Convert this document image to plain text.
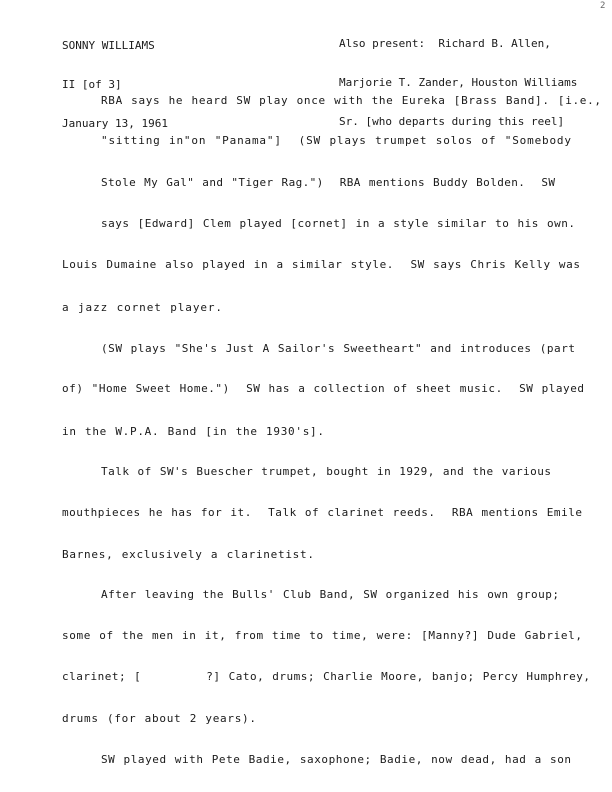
SONNY WILLIAMS

II [of 3]

January 13, 1961

Also present:  Richard B. Allen,

Marjorie T. Zander, Houston Williams

Sr. [who departs during this reel]

2
RBA says he heard SW play once with the Eureka [Brass Band]. [i.e.,
"sitting in"on "Panama"]  (SW plays trumpet solos of "Somebody
Stole My Gal" and "Tiger Rag.")  RBA mentions Buddy Bolden.  SW
says [Edward] Clem played [cornet] in a style similar to his own.
Louis Dumaine also played in a similar style.  SW says Chris Kelly was
a jazz cornet player.
(SW plays "She's Just A Sailor's Sweetheart" and introduces (part
of) "Home Sweet Home.")  SW has a collection of sheet music.  SW played
in the W.P.A. Band [in the 1930's].
Talk of SW's Buescher trumpet, bought in 1929, and the various
mouthpieces he has for it.  Talk of clarinet reeds.  RBA mentions Emile
Barnes, exclusively a clarinetist.
After leaving the Bulls' Club Band, SW organized his own group;
some of the men in it, from time to time, were: [Manny?] Dude Gabriel,
clarinet; [        ?] Cato, drums; Charlie Moore, banjo; Percy Humphrey,
drums (for about 2 years).
SW played with Pete Badie, saxophone; Badie, now dead, had a son
